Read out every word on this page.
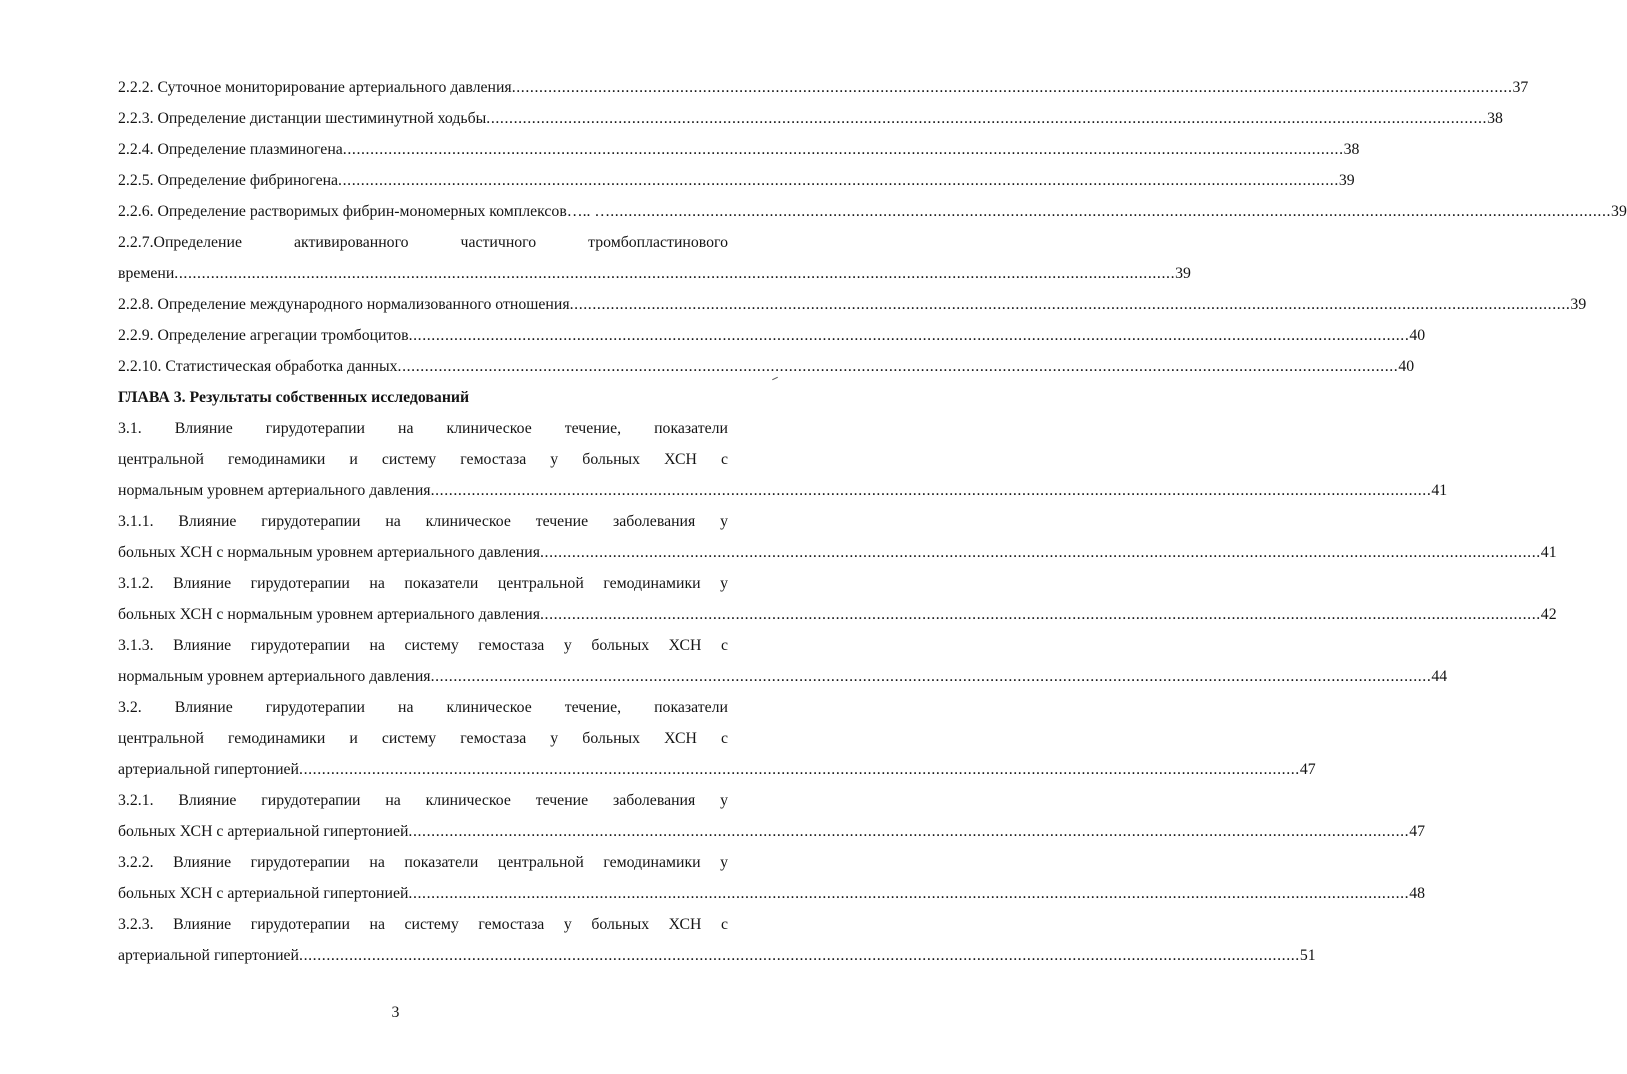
2.2.2. Суточное мониторирование артериального давления ............................................................................................................................................................................................................................ 37
2.2.3. Определение дистанции шестиминутной ходьбы ............................................................................................................................................................................................................................ 38
2.2.4. Определение плазминогена ............................................................................................................................................................................................................................ 38
2.2.5. Определение фибриногена ............................................................................................................................................................................................................................ 39
2.2.6. Определение растворимых фибрин-мономерных комплексов….. … ............................................................................................................................................................................................................................ 39
2.2.7.Определение активированного частичного тромбопластинового
времени ............................................................................................................................................................................................................................ 39
2.2.8. Определение международного нормализованного отношения ............................................................................................................................................................................................................................ 39
2.2.9. Определение агрегации тромбоцитов ............................................................................................................................................................................................................................ 40
2.2.10. Статистическая обработка данных ............................................................................................................................................................................................................................ 40
ГЛАВА 3. Результаты собственных исследований
3.1. Влияние гирудотерапии на клиническое течение, показатели
центральной гемодинамики и систему гемостаза у больных ХСН с
нормальным уровнем артериального давления ............................................................................................................................................................................................................................ 41
3.1.1. Влияние гирудотерапии на клиническое течение заболевания у
больных ХСН с нормальным уровнем артериального давления ............................................................................................................................................................................................................................ 41
3.1.2. Влияние гирудотерапии на показатели центральной гемодинамики у
больных ХСН с нормальным уровнем артериального давления ............................................................................................................................................................................................................................ 42
3.1.3. Влияние гирудотерапии на систему гемостаза у больных ХСН с
нормальным уровнем артериального давления ............................................................................................................................................................................................................................ 44
3.2. Влияние гирудотерапии на клиническое течение, показатели
центральной гемодинамики и систему гемостаза у больных ХСН с
артериальной гипертонией ............................................................................................................................................................................................................................ 47
3.2.1. Влияние гирудотерапии на клиническое течение заболевания у
больных ХСН с артериальной гипертонией ............................................................................................................................................................................................................................ 47
3.2.2. Влияние гирудотерапии на показатели центральной гемодинамики у
больных ХСН с артериальной гипертонией ............................................................................................................................................................................................................................ 48
3.2.3. Влияние гирудотерапии на систему гемостаза у больных ХСН с
артериальной гипертонией ............................................................................................................................................................................................................................ 51
3
